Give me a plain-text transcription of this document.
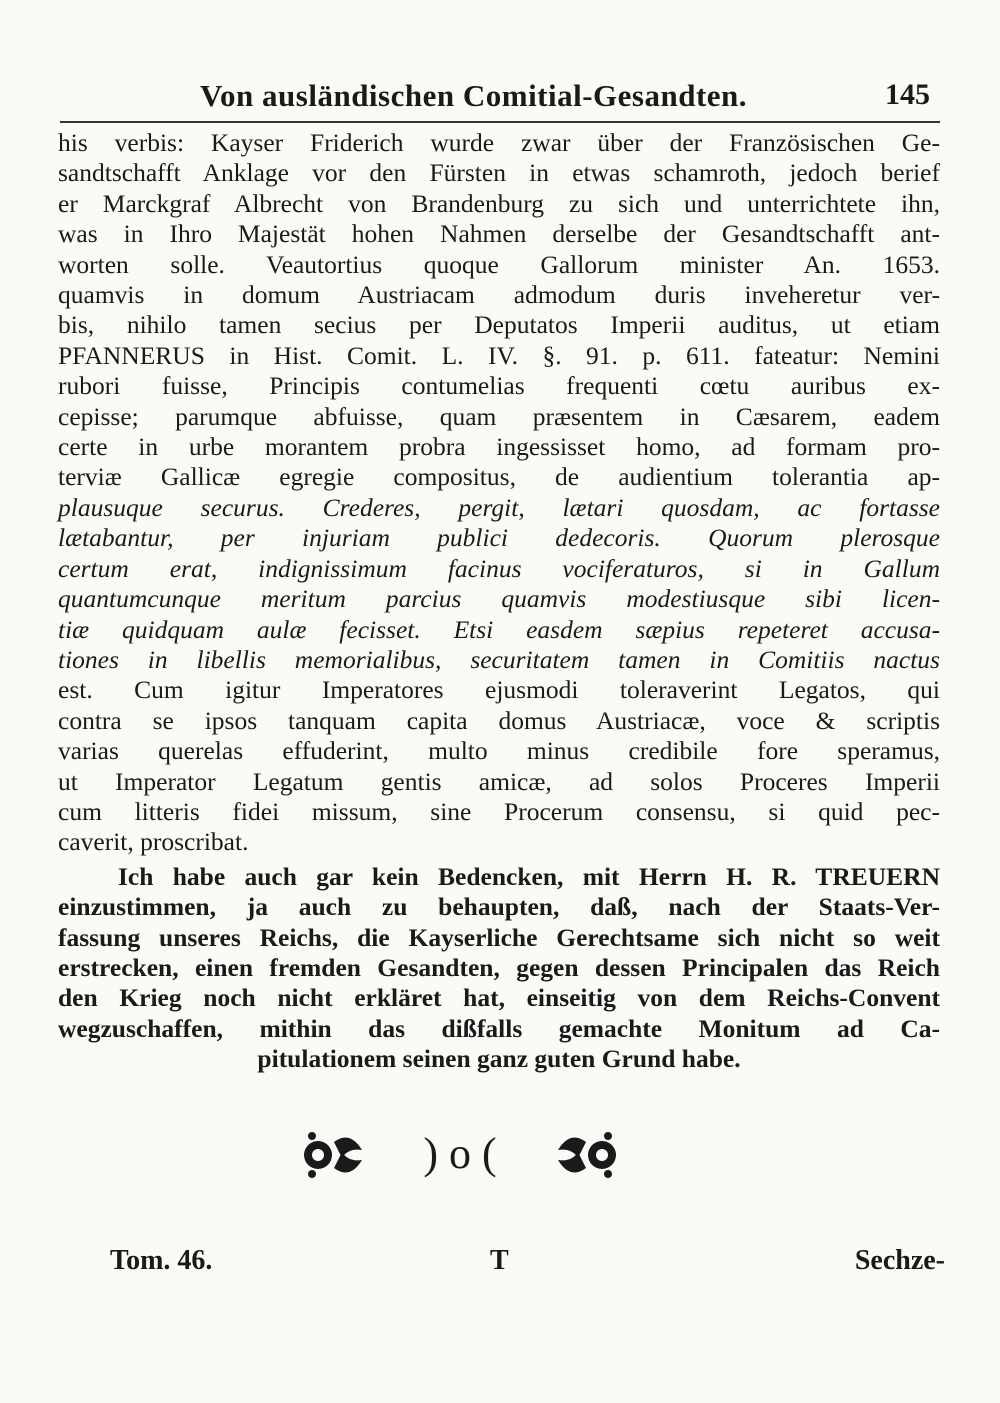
Von ausländischen Comitial-Gesandten.	145
his verbis: Kayser Friderich wurde zwar über der Französischen Ge-
sandtschafft Anklage vor den Fürsten in etwas schamroth, jedoch berief
er Marckgraf Albrecht von Brandenburg zu sich und unterrichtete ihn,
was in Ihro Majestät hohen Nahmen derselbe der Gesandtschafft ant-
worten solle. Veautortius quoque Gallorum minister An. 1653.
quamvis in domum Austriacam admodum duris inveheretur ver-
bis, nihilo tamen secius per Deputatos Imperii auditus, ut etiam
PFANNERUS in Hist. Comit. L. IV. §. 91. p. 611. fateatur: Nemini
rubori fuisse, Principis contumelias frequenti cœtu auribus ex-
cepisse; parumque abfuisse, quam præsentem in Cæsarem, eadem
certe in urbe morantem probra ingessisset homo, ad formam pro-
terviæ Gallicæ egregie compositus, de audientium tolerantia ap-
plausuque securus. Crederes, pergit, lætari quosdam, ac fortasse
lætabantur, per injuriam publici dedecoris. Quorum plerosque
certum erat, indignissimum facinus vociferaturos, si in Gallum
quantumcunque meritum parcius quamvis modestiusque sibi licen-
tiæ quidquam aulæ fecisset. Etsi easdem sæpius repeteret accusa-
tiones in libellis memorialibus, securitatem tamen in Comitiis nactus
est. Cum igitur Imperatores ejusmodi toleraverint Legatos, qui
contra se ipsos tanquam capita domus Austriacæ, voce & scriptis
varias querelas effuderint, multo minus credibile fore speramus,
ut Imperator Legatum gentis amicæ, ad solos Proceres Imperii
cum litteris fidei missum, sine Procerum consensu, si quid pec-
caverit, proscribat.
Ich habe auch gar kein Bedencken, mit Herrn H. R. TREUERN
einzustimmen, ja auch zu behaupten, daß, nach der Staats-Ver-
fassung unseres Reichs, die Kayserliche Gerechtsame sich nicht so weit
erstrecken, einen fremden Gesandten, gegen dessen Principalen das Reich
den Krieg noch nicht erkläret hat, einseitig von dem Reichs-Convent
wegzuschaffen, mithin das dißfalls gemachte Monitum ad Ca-
pitulationem seinen ganz guten Grund habe.
) o (
Tom. 46.	T	Sechze-
